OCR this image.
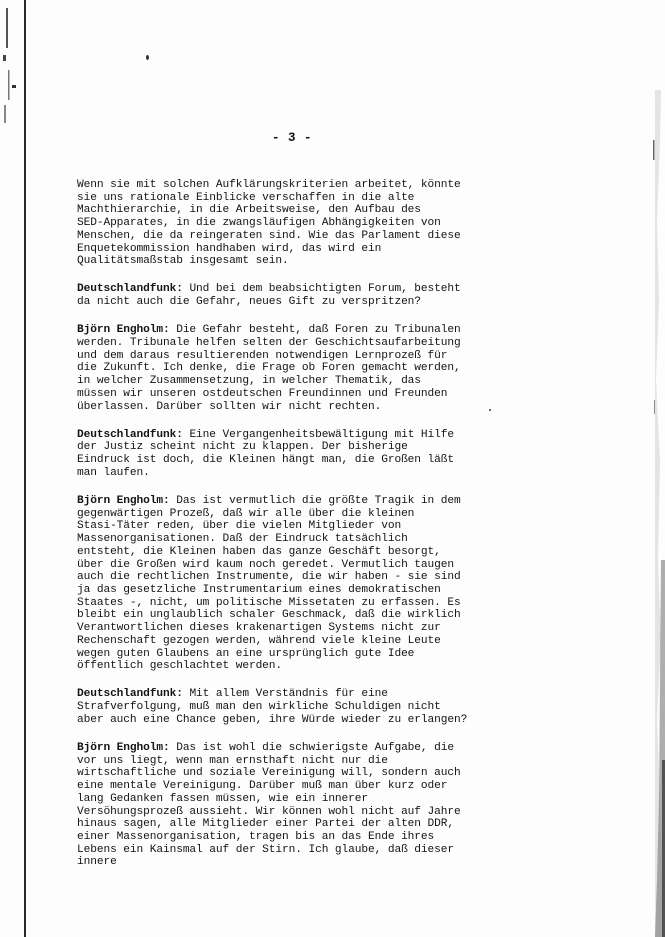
- 3 -

Wenn sie mit solchen Aufklärungskriterien arbeitet, könnte
sie uns rationale Einblicke verschaffen in die alte
Machthierarchie, in die Arbeitsweise, den Aufbau des
SED-Apparates, in die zwangsläufigen Abhängigkeiten von
Menschen, die da reingeraten sind. Wie das Parlament diese
Enquetekommission handhaben wird, das wird ein
Qualitätsmaßstab insgesamt sein.

Deutschlandfunk: Und bei dem beabsichtigten Forum, besteht
da nicht auch die Gefahr, neues Gift zu verspritzen?

Björn Engholm: Die Gefahr besteht, daß Foren zu Tribunalen
werden. Tribunale helfen selten der Geschichtsaufarbeitung
und dem daraus resultierenden notwendigen Lernprozeß für
die Zukunft. Ich denke, die Frage ob Foren gemacht werden,
in welcher Zusammensetzung, in welcher Thematik, das
müssen wir unseren ostdeutschen Freundinnen und Freunden
überlassen. Darüber sollten wir nicht rechten.

Deutschlandfunk: Eine Vergangenheitsbewältigung mit Hilfe
der Justiz scheint nicht zu klappen. Der bisherige
Eindruck ist doch, die Kleinen hängt man, die Großen läßt
man laufen.

Björn Engholm: Das ist vermutlich die größte Tragik in dem
gegenwärtigen Prozeß, daß wir alle über die kleinen
Stasi-Täter reden, über die vielen Mitglieder von
Massenorganisationen. Daß der Eindruck tatsächlich
entsteht, die Kleinen haben das ganze Geschäft besorgt,
über die Großen wird kaum noch geredet. Vermutlich taugen
auch die rechtlichen Instrumente, die wir haben - sie sind
ja das gesetzliche Instrumentarium eines demokratischen
Staates -, nicht, um politische Missetaten zu erfassen. Es
bleibt ein unglaublich schaler Geschmack, daß die wirklich
Verantwortlichen dieses krakenartigen Systems nicht zur
Rechenschaft gezogen werden, während viele kleine Leute
wegen guten Glaubens an eine ursprünglich gute Idee
öffentlich geschlachtet werden.

Deutschlandfunk: Mit allem Verständnis für eine
Strafverfolgung, muß man den wirkliche Schuldigen nicht
aber auch eine Chance geben, ihre Würde wieder zu erlangen?

Björn Engholm: Das ist wohl die schwierigste Aufgabe, die
vor uns liegt, wenn man ernsthaft nicht nur die
wirtschaftliche und soziale Vereinigung will, sondern auch
eine mentale Vereinigung. Darüber muß man über kurz oder
lang Gedanken fassen müssen, wie ein innerer
Versöhungsprozeß aussieht. Wir können wohl nicht auf Jahre
hinaus sagen, alle Mitglieder einer Partei der alten DDR,
einer Massenorganisation, tragen bis an das Ende ihres
Lebens ein Kainsmal auf der Stirn. Ich glaube, daß dieser
innere
